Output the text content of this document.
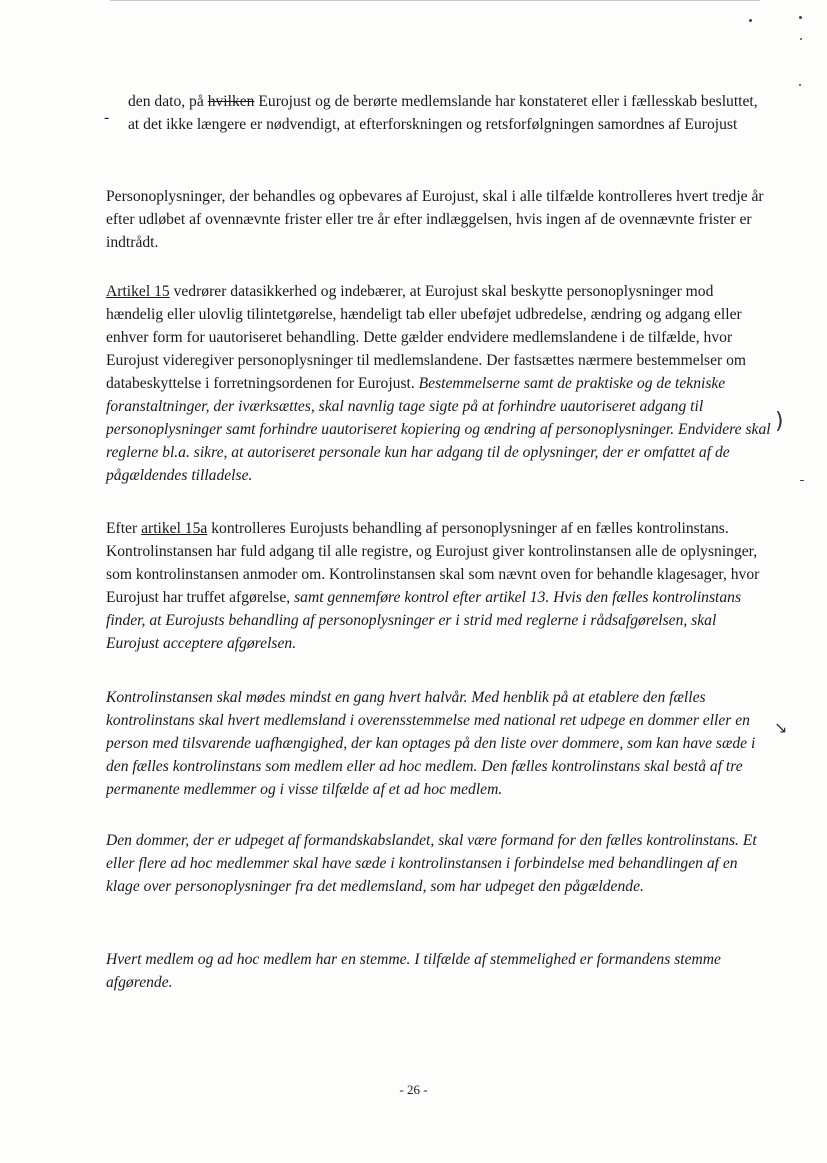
-

den dato, på hvilken Eurojust og de berørte medlemslande har konstateret eller i fællesskab besluttet, at det ikke længere er nødvendigt, at efterforskningen og retsforfølgningen samordnes af Eurojust

Personoplysninger, der behandles og opbevares af Eurojust, skal i alle tilfælde kontrolleres hvert tredje år efter udløbet af ovennævnte frister eller tre år efter indlæggelsen, hvis ingen af de ovennævnte frister er indtrådt.

Artikel 15 vedrører datasikkerhed og indebærer, at Eurojust skal beskytte personoplysninger mod hændelig eller ulovlig tilintetgørelse, hændeligt tab eller ubeføjet udbredelse, ændring og adgang eller enhver form for uautoriseret behandling. Dette gælder endvidere medlemslandene i de tilfælde, hvor Eurojust videregiver personoplysninger til medlemslandene. Der fastsættes nærmere bestemmelser om databeskyttelse i forretningsordenen for Eurojust. Bestemmelserne samt de praktiske og de tekniske foranstaltninger, der iværksættes, skal navnlig tage sigte på at forhindre uautoriseret adgang til personoplysninger samt forhindre uautoriseret kopiering og ændring af personoplysninger. Endvidere skal reglerne bl.a. sikre, at autoriseret personale kun har adgang til de oplysninger, der er omfattet af de pågældendes tilladelse.

)

Efter artikel 15a kontrolleres Eurojusts behandling af personoplysninger af en fælles kontrolinstans. Kontrolinstansen har fuld adgang til alle registre, og Eurojust giver kontrolinstansen alle de oplysninger, som kontrolinstansen anmoder om. Kontrolinstansen skal som nævnt oven for behandle klagesager, hvor Eurojust har truffet afgørelse, samt gennemføre kontrol efter artikel 13. Hvis den fælles kontrolinstans finder, at Eurojusts behandling af personoplysninger er i strid med reglerne i rådsafgørelsen, skal Eurojust acceptere afgørelsen.

Kontrolinstansen skal mødes mindst en gang hvert halvår. Med henblik på at etablere den fælles kontrolinstans skal hvert medlemsland i overensstemmelse med national ret udpege en dommer eller en person med tilsvarende uafhængighed, der kan optages på den liste over dommere, som kan have sæde i den fælles kontrolinstans som medlem eller ad hoc medlem. Den fælles kontrolinstans skal bestå af tre permanente medlemmer og i visse tilfælde af et ad hoc medlem.

↘

Den dommer, der er udpeget af formandskabslandet, skal være formand for den fælles kontrolinstans. Et eller flere ad hoc medlemmer skal have sæde i kontrolinstansen i forbindelse med behandlingen af en klage over personoplysninger fra det medlemsland, som har udpeget den pågældende.

Hvert medlem og ad hoc medlem har en stemme. I tilfælde af stemmelighed er formandens stemme afgørende.

- 26 -
